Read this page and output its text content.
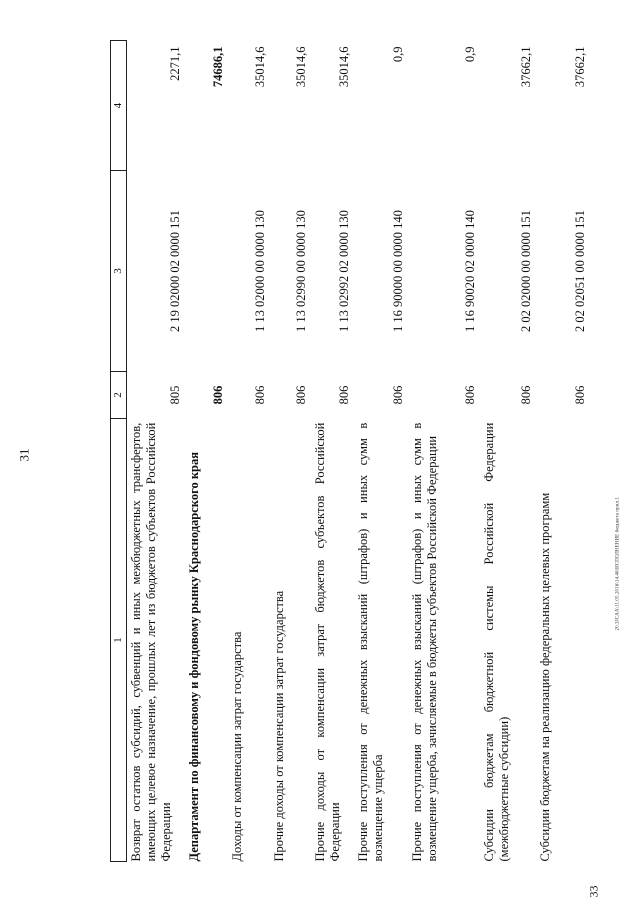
31
33
20.3JCAA\11.05.2016\14.46\ИСПОЛНЕНИЕ бюджета прил.1
1	2	3	4
Возврат остатков субсидий, субвенций и иных межбюджетных трансфертов, имеющих целевое назначение, прошлых лет из бюджетов субъектов Российской Федерации	805	2 19 02000 02 0000 151	2271,1
Департамент по финансовому и фондовому рынку Краснодарского края	806		74686,1
Доходы от компенсации затрат государства	806	1 13 02000 00 0000 130	35014,6
Прочие доходы от компенсации затрат государства	806	1 13 02990 00 0000 130	35014,6
Прочие доходы от компенсации затрат бюджетов субъектов Российской Федерации	806	1 13 02992 02 0000 130	35014,6
Прочие поступления от денежных взысканий (штрафов) и иных сумм в возмещение ущерба	806	1 16 90000 00 0000 140	0,9
Прочие поступления от денежных взысканий (штрафов) и иных сумм в возмещение ущерба, зачисляемые в бюджеты субъектов Российской Федерации	806	1 16 90020 02 0000 140	0,9
Субсидии бюджетам бюджетной системы Российской Федерации (межбюджетные субсидии)	806	2 02 02000 00 0000 151	37662,1
Субсидии бюджетам на реализацию федеральных целевых программ	806	2 02 02051 00 0000 151	37662,1
